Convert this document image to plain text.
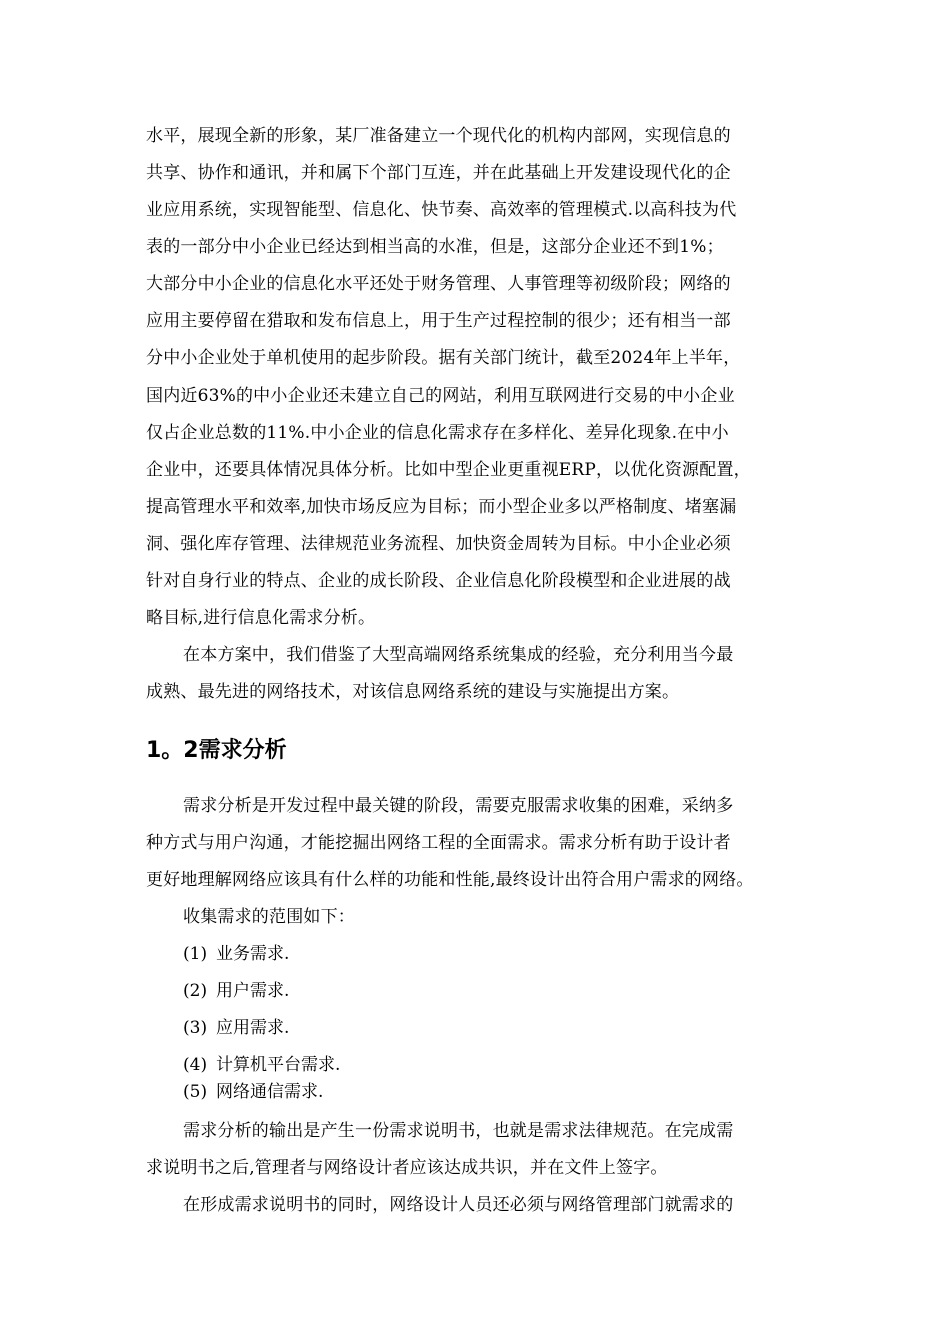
水平，展现全新的形象，某厂准备建立一个现代化的机构内部网，实现信息的
共享、协作和通讯，并和属下个部门互连，并在此基础上开发建设现代化的企
业应用系统，实现智能型、信息化、快节奏、高效率的管理模式.以高科技为代
表的一部分中小企业已经达到相当高的水准，但是，这部分企业还不到1%；
大部分中小企业的信息化水平还处于财务管理、人事管理等初级阶段；网络的
应用主要停留在猎取和发布信息上，用于生产过程控制的很少；还有相当一部
分中小企业处于单机使用的起步阶段。据有关部门统计，截至2024年上半年，
国内近63%的中小企业还未建立自己的网站，利用互联网进行交易的中小企业
仅占企业总数的11%.中小企业的信息化需求存在多样化、差异化现象.在中小
企业中，还要具体情况具体分析。比如中型企业更重视ERP，以优化资源配置，
提高管理水平和效率,加快市场反应为目标；而小型企业多以严格制度、堵塞漏
洞、强化库存管理、法律规范业务流程、加快资金周转为目标。中小企业必须
针对自身行业的特点、企业的成长阶段、企业信息化阶段模型和企业进展的战
略目标,进行信息化需求分析。
在本方案中，我们借鉴了大型高端网络系统集成的经验，充分利用当今最
成熟、最先进的网络技术，对该信息网络系统的建设与实施提出方案。
1。2需求分析
需求分析是开发过程中最关键的阶段，需要克服需求收集的困难，采纳多
种方式与用户沟通，才能挖掘出网络工程的全面需求。需求分析有助于设计者
更好地理解网络应该具有什么样的功能和性能,最终设计出符合用户需求的网络。
收集需求的范围如下：
(1) 业务需求.
(2) 用户需求.
(3) 应用需求.
(4) 计算机平台需求.
(5) 网络通信需求.
需求分析的输出是产生一份需求说明书，也就是需求法律规范。在完成需
求说明书之后,管理者与网络设计者应该达成共识，并在文件上签字。
在形成需求说明书的同时，网络设计人员还必须与网络管理部门就需求的
